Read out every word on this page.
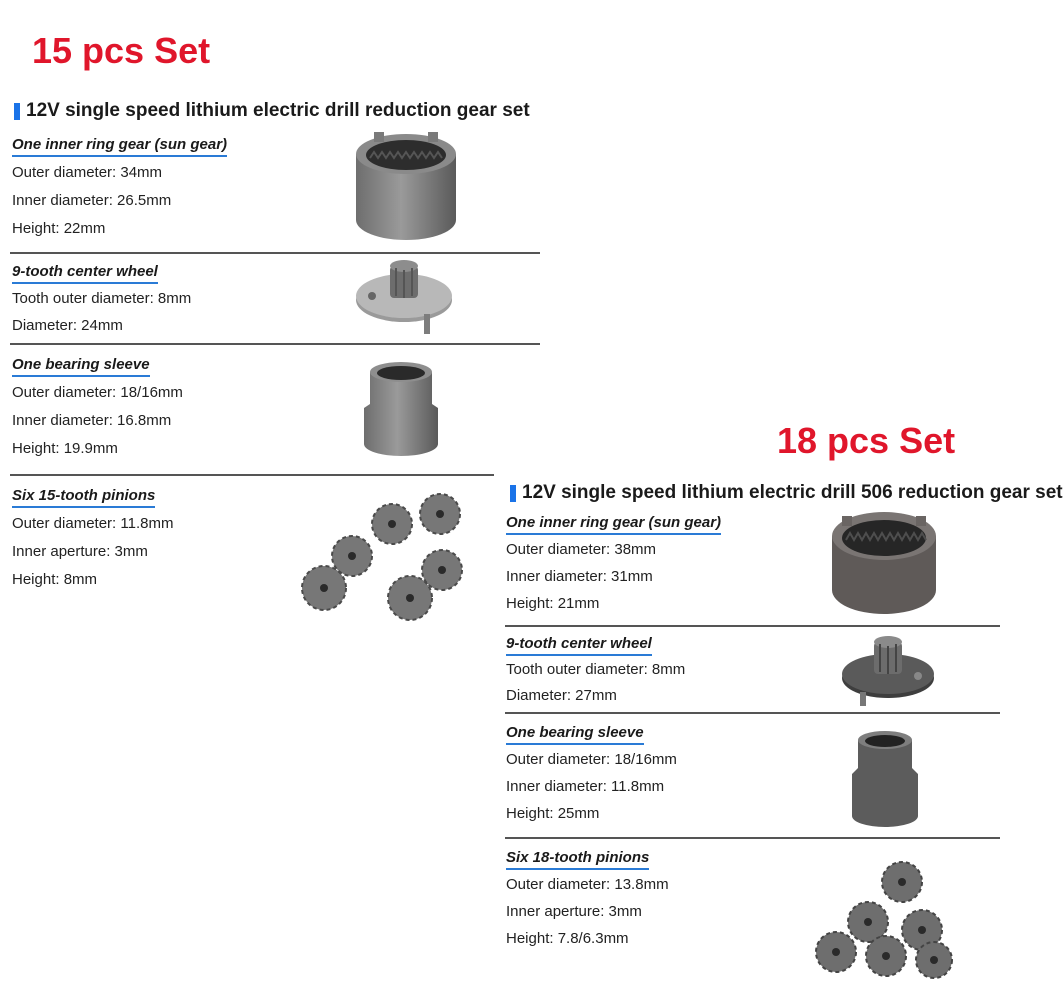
15 pcs Set
12V single speed lithium electric drill reduction gear set
One inner ring gear (sun gear)
Outer diameter: 34mm
Inner diameter: 26.5mm
Height: 22mm
9-tooth center wheel
Tooth outer diameter: 8mm
Diameter: 24mm
One bearing sleeve
Outer diameter: 18/16mm
Inner diameter: 16.8mm
Height: 19.9mm
Six 15-tooth pinions
Outer diameter: 11.8mm
Inner aperture: 3mm
Height: 8mm
18 pcs Set
12V single speed lithium electric drill 506 reduction gear set
One inner ring gear (sun gear)
Outer diameter: 38mm
Inner diameter: 31mm
Height: 21mm
9-tooth center wheel
Tooth outer diameter: 8mm
Diameter: 27mm
One bearing sleeve
Outer diameter: 18/16mm
Inner diameter: 11.8mm
Height: 25mm
Six 18-tooth pinions
Outer diameter: 13.8mm
Inner aperture: 3mm
Height: 7.8/6.3mm
